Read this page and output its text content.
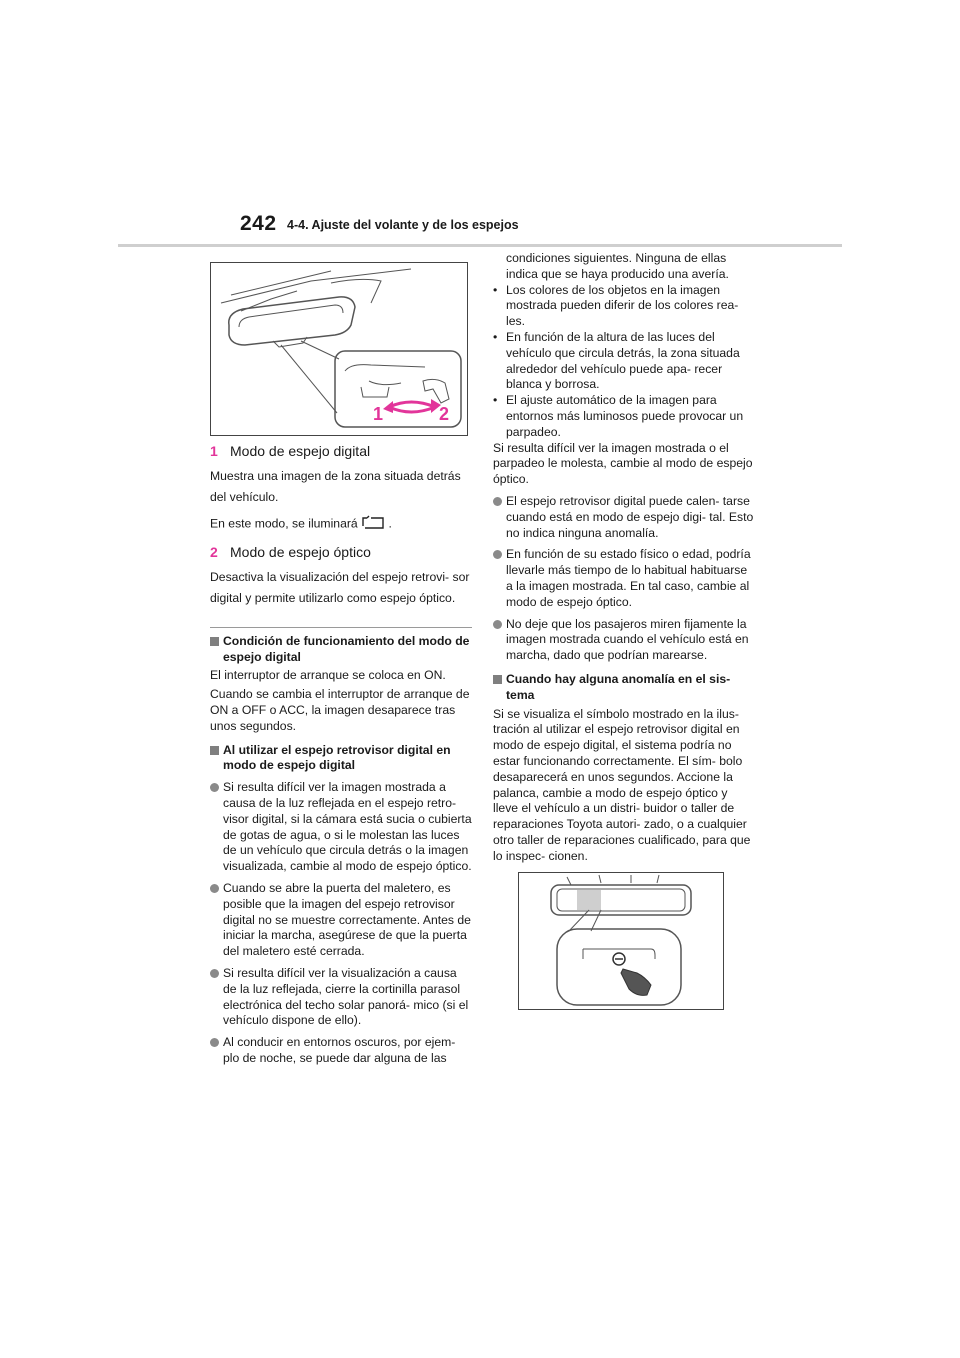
242 4-4. Ajuste del volante y de los espejos
1	2
1 Modo de espejo digital

Muestra una imagen de la zona situada detrás del vehículo.

En este modo, se iluminará	.

2 Modo de espejo óptico

Desactiva la visualización del espejo retrovi- sor digital y permite utilizarlo como espejo óptico.

Condición de funcionamiento del modo de espejo digital

El interruptor de arranque se coloca en ON.

Cuando se cambia el interruptor de arranque de ON a OFF o ACC, la imagen desaparece tras unos segundos.

Al utilizar el espejo retrovisor digital en modo de espejo digital
Si resulta difícil ver la imagen mostrada a causa de la luz reflejada en el espejo retro- visor digital, si la cámara está sucia o cubierta de gotas de agua, o si le molestan las luces de un vehículo que circula detrás o la imagen visualizada, cambie al modo de espejo óptico.
Cuando se abre la puerta del maletero, es posible que la imagen del espejo retrovisor digital no se muestre correctamente. Antes de iniciar la marcha, asegúrese de que la puerta del maletero esté cerrada.
Si resulta difícil ver la visualización a causa de la luz reflejada, cierre la cortinilla parasol electrónica del techo solar panorá- mico (si el vehículo dispone de ello).
Al conducir en entornos oscuros, por ejem- plo de noche, se puede dar alguna de las
condiciones siguientes. Ninguna de ellas indica que se haya producido una avería.
• Los colores de los objetos en la imagen mostrada pueden diferir de los colores rea- les.
• En función de la altura de las luces del vehículo que circula detrás, la zona situada alrededor del vehículo puede apa- recer blanca y borrosa.
• El ajuste automático de la imagen para entornos más luminosos puede provocar un parpadeo.
Si resulta difícil ver la imagen mostrada o el parpadeo le molesta, cambie al modo de espejo óptico.
El espejo retrovisor digital puede calen- tarse cuando está en modo de espejo digi- tal. Esto no indica ninguna anomalía.
En función de su estado físico o edad, podría llevarle más tiempo de lo habitual habituarse a la imagen mostrada. En tal caso, cambie al modo de espejo óptico.
No deje que los pasajeros miren fijamente la imagen mostrada cuando el vehículo está en marcha, dado que podrían marearse.
Cuando hay alguna anomalía en el sis- tema

Si se visualiza el símbolo mostrado en la ilus- tración al utilizar el espejo retrovisor digital en modo de espejo digital, el sistema podría no estar funcionando correctamente. El sím- bolo desaparecerá en unos segundos. Accione la palanca, cambie a modo de espejo óptico y lleve el vehículo a un distri- buidor o taller de reparaciones Toyota autori- zado, o a cualquier otro taller de reparaciones cualificado, para que lo inspec- cionen.
